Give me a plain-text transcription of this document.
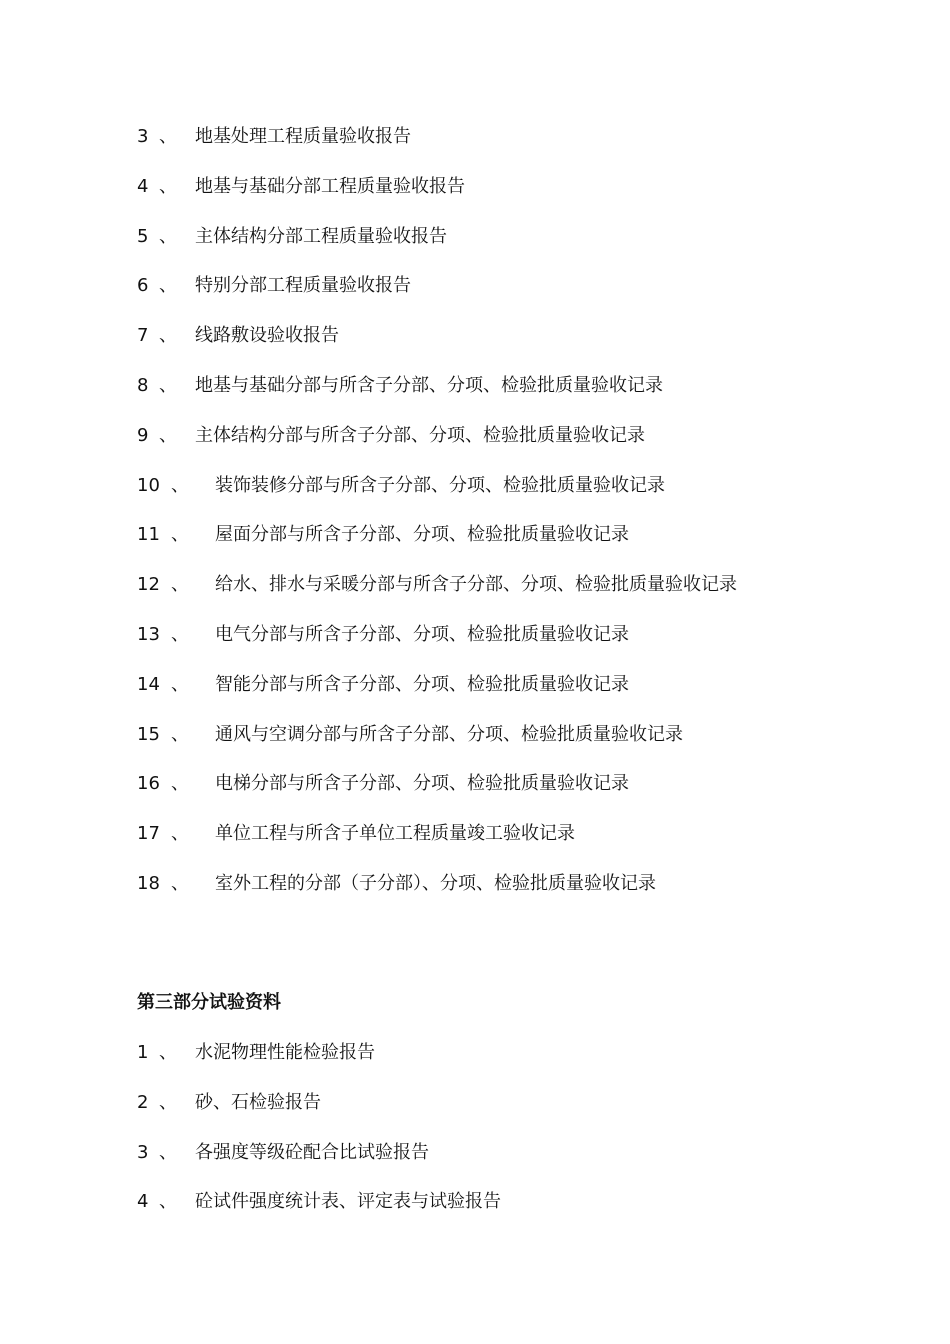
3 、	地基处理工程质量验收报告
4 、	地基与基础分部工程质量验收报告
5 、	主体结构分部工程质量验收报告
6 、	特别分部工程质量验收报告
7 、	线路敷设验收报告
8 、	地基与基础分部与所含子分部、分项、检验批质量验收记录
9 、	主体结构分部与所含子分部、分项、检验批质量验收记录
10 、	装饰装修分部与所含子分部、分项、检验批质量验收记录
11 、	屋面分部与所含子分部、分项、检验批质量验收记录
12 、	给水、排水与采暖分部与所含子分部、分项、检验批质量验收记录
13 、	电气分部与所含子分部、分项、检验批质量验收记录
14 、	智能分部与所含子分部、分项、检验批质量验收记录
15 、	通风与空调分部与所含子分部、分项、检验批质量验收记录
16 、	电梯分部与所含子分部、分项、检验批质量验收记录
17 、	单位工程与所含子单位工程质量竣工验收记录
18 、	室外工程的分部（子分部）、分项、检验批质量验收记录
第三部分试验资料
1 、	水泥物理性能检验报告
2 、	砂、石检验报告
3 、	各强度等级砼配合比试验报告
4 、	砼试件强度统计表、评定表与试验报告
